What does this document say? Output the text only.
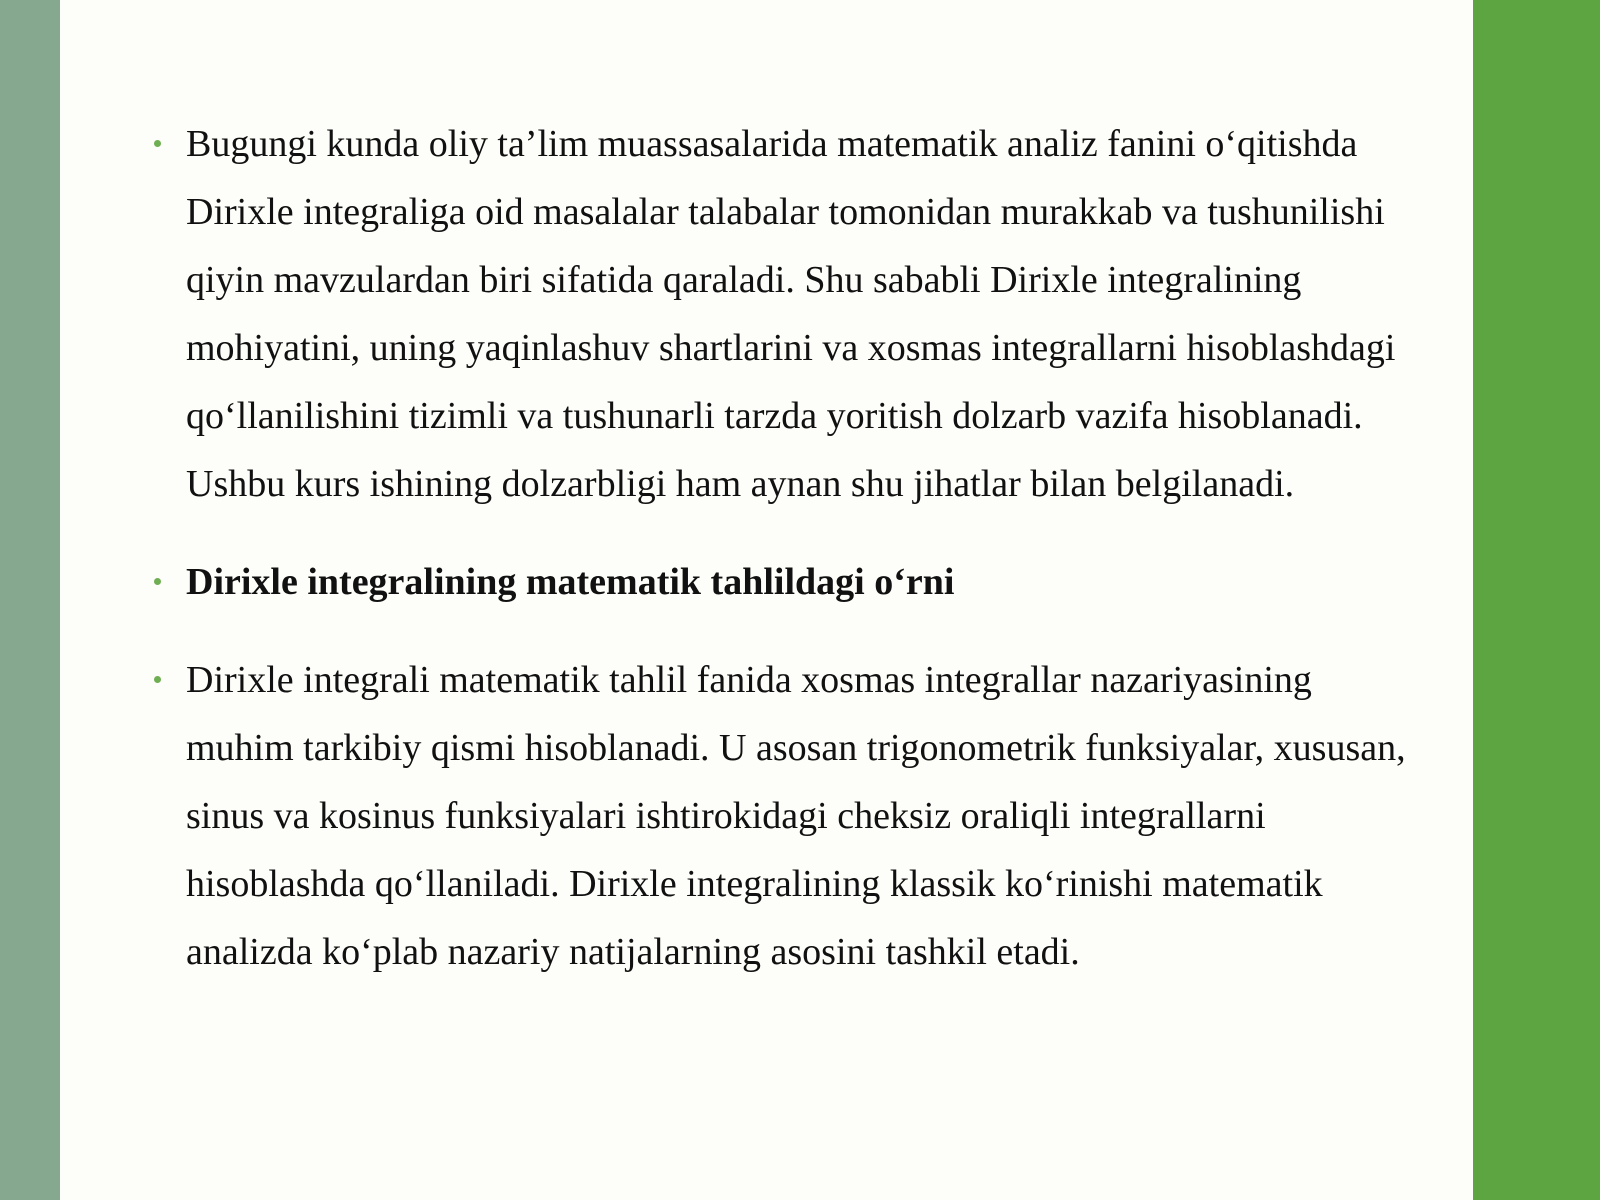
Bugungi kunda oliy ta’lim muassasalarida matematik analiz fanini o‘qitishda Dirixle integraliga oid masalalar talabalar tomonidan murakkab va tushunilishi qiyin mavzulardan biri sifatida qaraladi. Shu sababli Dirixle integralining mohiyatini, uning yaqinlashuv shartlarini va xosmas integrallarni hisoblashdagi qo‘llanilishini tizimli va tushunarli tarzda yoritish dolzarb vazifa hisoblanadi. Ushbu kurs ishining dolzarbligi ham aynan shu jihatlar bilan belgilanadi.
Dirixle integralining matematik tahlildagi o‘rni
Dirixle integrali matematik tahlil fanida xosmas integrallar nazariyasining muhim tarkibiy qismi hisoblanadi. U asosan trigonometrik funksiyalar, xususan, sinus va kosinus funksiyalari ishtirokidagi cheksiz oraliqli integrallarni hisoblashda qo‘llaniladi. Dirixle integralining klassik ko‘rinishi matematik analizda ko‘plab nazariy natijalarning asosini tashkil etadi.
